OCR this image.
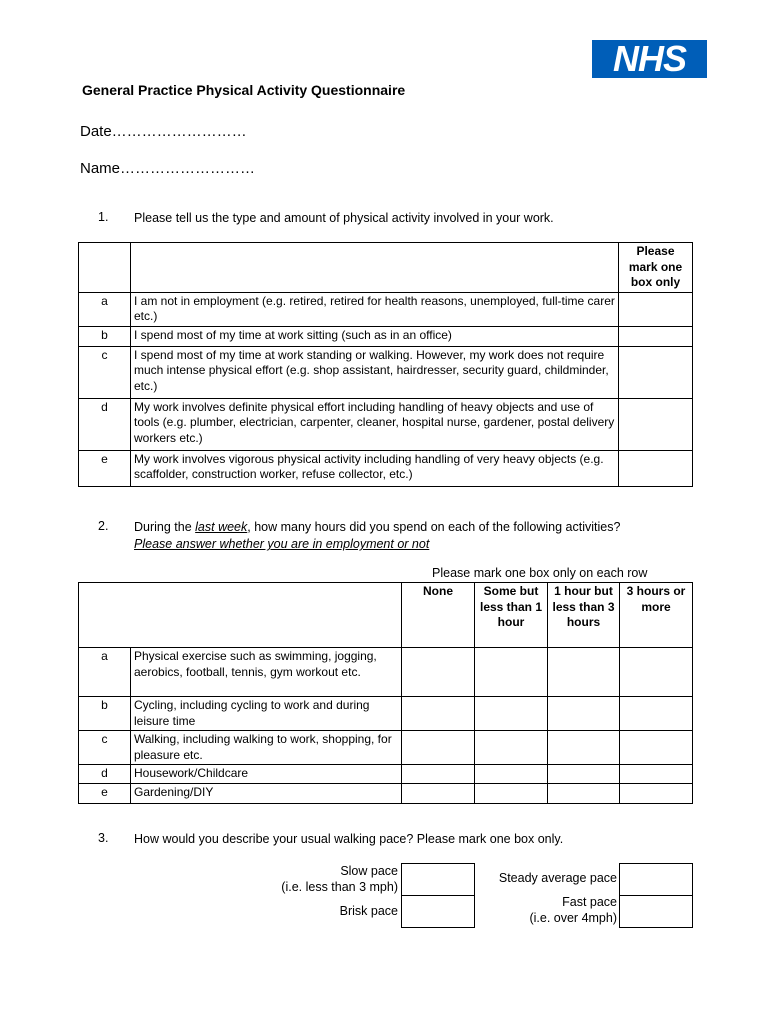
NHS
General Practice Physical Activity Questionnaire
Date………………………
Name………………………
1. Please tell us the type and amount of physical activity involved in your work.
		Please mark one box only
a	I am not in employment (e.g. retired, retired for health reasons, unemployed, full-time carer etc.)	
b	I spend most of my time at work sitting (such as in an office)	
c	I spend most of my time at work standing or walking. However, my work does not require much intense physical effort (e.g. shop assistant, hairdresser, security guard, childminder, etc.)	
d	My work involves definite physical effort including handling of heavy objects and use of tools (e.g. plumber, electrician, carpenter, cleaner, hospital nurse, gardener, postal delivery workers etc.)	
e	My work involves vigorous physical activity including handling of very heavy objects (e.g. scaffolder, construction worker, refuse collector, etc.)	
2. During the last week, how many hours did you spend on each of the following activities?
Please answer whether you are in employment or not
Please mark one box only on each row
		None	Some but less than 1 hour	1 hour but less than 3 hours	3 hours or more
a	Physical exercise such as swimming, jogging, aerobics, football, tennis, gym workout etc.				
b	Cycling, including cycling to work and during leisure time				
c	Walking, including walking to work, shopping, for pleasure etc.				
d	Housework/Childcare				
e	Gardening/DIY				
3. How would you describe your usual walking pace? Please mark one box only.
Slow pace
(i.e. less than 3 mph)
Brisk pace
Steady average pace
Fast pace
(i.e. over 4mph)
